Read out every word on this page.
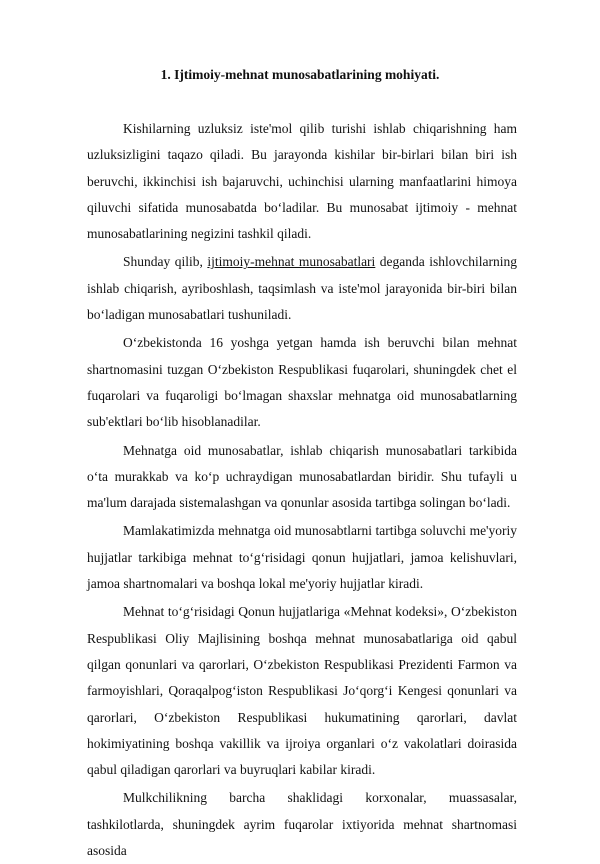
1. Ijtimoiy-mehnat munosabatlarining mohiyati.

Kishilarning uzluksiz iste'mol qilib turishi ishlab chiqarishning ham uzluksizligini taqazo qiladi. Bu jarayonda kishilar bir-birlari bilan biri ish beruvchi, ikkinchisi ish bajaruvchi, uchinchisi ularning manfaatlarini himoya qiluvchi sifatida munosabatda bo‘ladilar. Bu munosabat ijtimoiy - mehnat munosabatlarining negizini tashkil qiladi.

Shunday qilib, ijtimoiy-mehnat munosabatlari deganda ishlovchilarning ishlab chiqarish, ayriboshlash, taqsimlash va iste'mol jarayonida bir-biri bilan bo‘ladigan munosabatlari tushuniladi.

O‘zbekistonda 16 yoshga yetgan hamda ish beruvchi bilan mehnat shartnomasini tuzgan O‘zbekiston Respublikasi fuqarolari, shuningdek chet el fuqarolari va fuqaroligi bo‘lmagan shaxslar mehnatga oid munosabatlarning sub'ektlari bo‘lib hisoblanadilar.

Mehnatga oid munosabatlar, ishlab chiqarish munosabatlari tarkibida o‘ta murakkab va ko‘p uchraydigan munosabatlardan biridir. Shu tufayli u ma'lum darajada sistemalashgan va qonunlar asosida tartibga solingan bo‘ladi.

Mamlakatimizda mehnatga oid munosabtlarni tartibga soluvchi me'yoriy hujjatlar tarkibiga mehnat to‘g‘risidagi qonun hujjatlari, jamoa kelishuvlari, jamoa shartnomalari va boshqa lokal me'yoriy hujjatlar kiradi.

Mehnat to‘g‘risidagi Qonun hujjatlariga «Mehnat kodeksi», O‘zbekiston Respublikasi Oliy Majlisining boshqa mehnat munosabatlariga oid qabul qilgan qonunlari va qarorlari, O‘zbekiston Respublikasi Prezidenti Farmon va farmoyishlari, Qoraqalpog‘iston Respublikasi Jo‘qorg‘i Kengesi qonunlari va qarorlari, O‘zbekiston Respublikasi hukumatining qarorlari, davlat hokimiyatining boshqa vakillik va ijroiya organlari o‘z vakolatlari doirasida qabul qiladigan qarorlari va buyruqlari kabilar kiradi.

Mulkchilikning barcha shaklidagi korxonalar, muassasalar, tashkilotlarda, shuningdek ayrim fuqarolar ixtiyorida mehnat shartnomasi asosida
